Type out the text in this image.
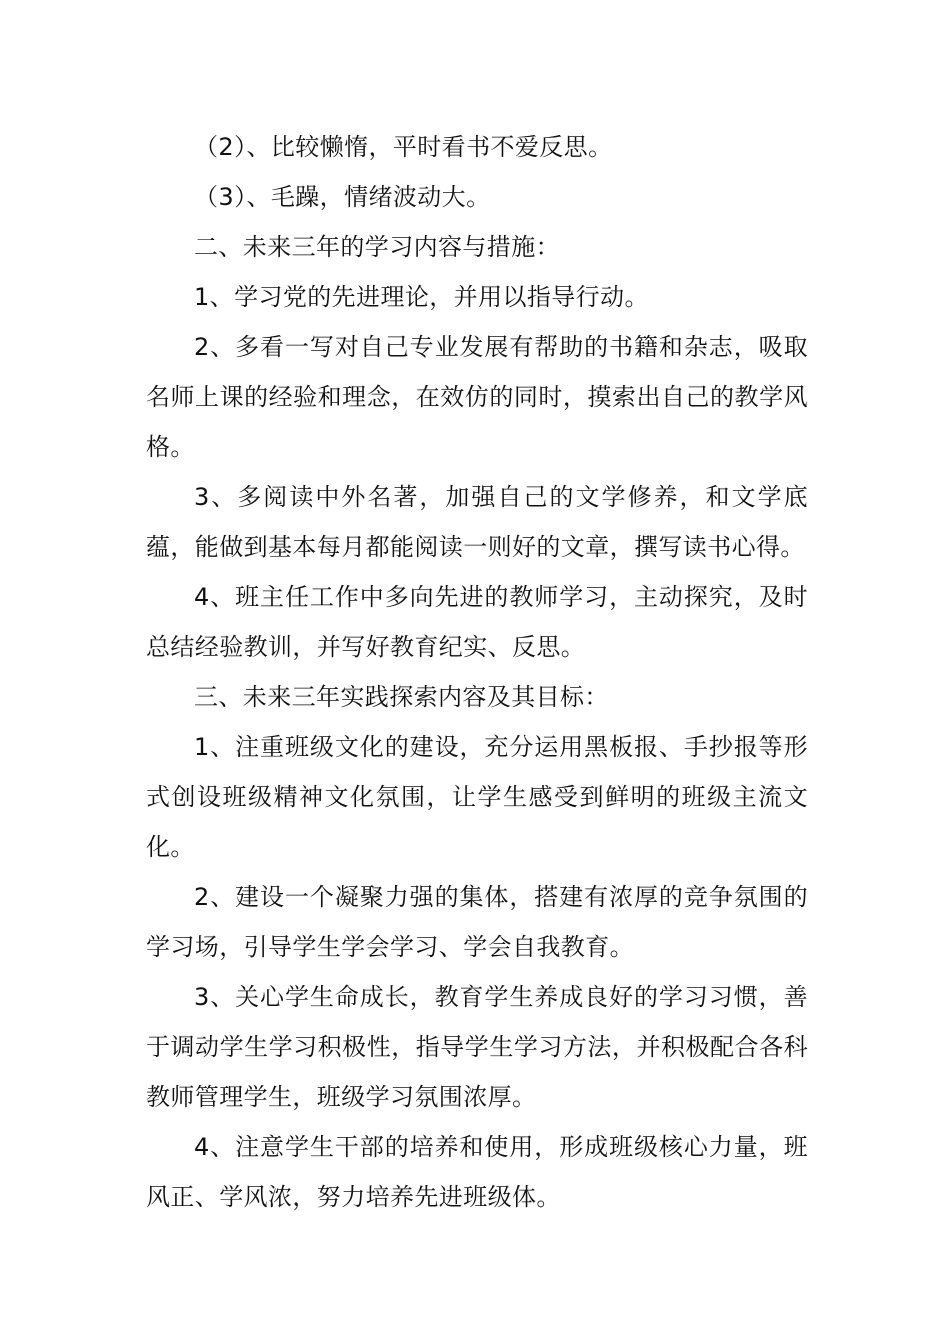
（2）、比较懒惰，平时看书不爱反思。

（3）、毛躁，情绪波动大。

二、未来三年的学习内容与措施：

1、学习党的先进理论，并用以指导行动。

2、多看一写对自己专业发展有帮助的书籍和杂志，吸取名师上课的经验和理念，在效仿的同时，摸索出自己的教学风格。

3、多阅读中外名著，加强自己的文学修养，和文学底蕴，能做到基本每月都能阅读一则好的文章，撰写读书心得。

4、班主任工作中多向先进的教师学习，主动探究，及时总结经验教训，并写好教育纪实、反思。

三、未来三年实践探索内容及其目标：

1、注重班级文化的建设，充分运用黑板报、手抄报等形式创设班级精神文化氛围，让学生感受到鲜明的班级主流文化。

2、建设一个凝聚力强的集体，搭建有浓厚的竞争氛围的学习场，引导学生学会学习、学会自我教育。

3、关心学生命成长，教育学生养成良好的学习习惯，善于调动学生学习积极性，指导学生学习方法，并积极配合各科教师管理学生，班级学习氛围浓厚。

4、注意学生干部的培养和使用，形成班级核心力量，班风正、学风浓，努力培养先进班级体。
